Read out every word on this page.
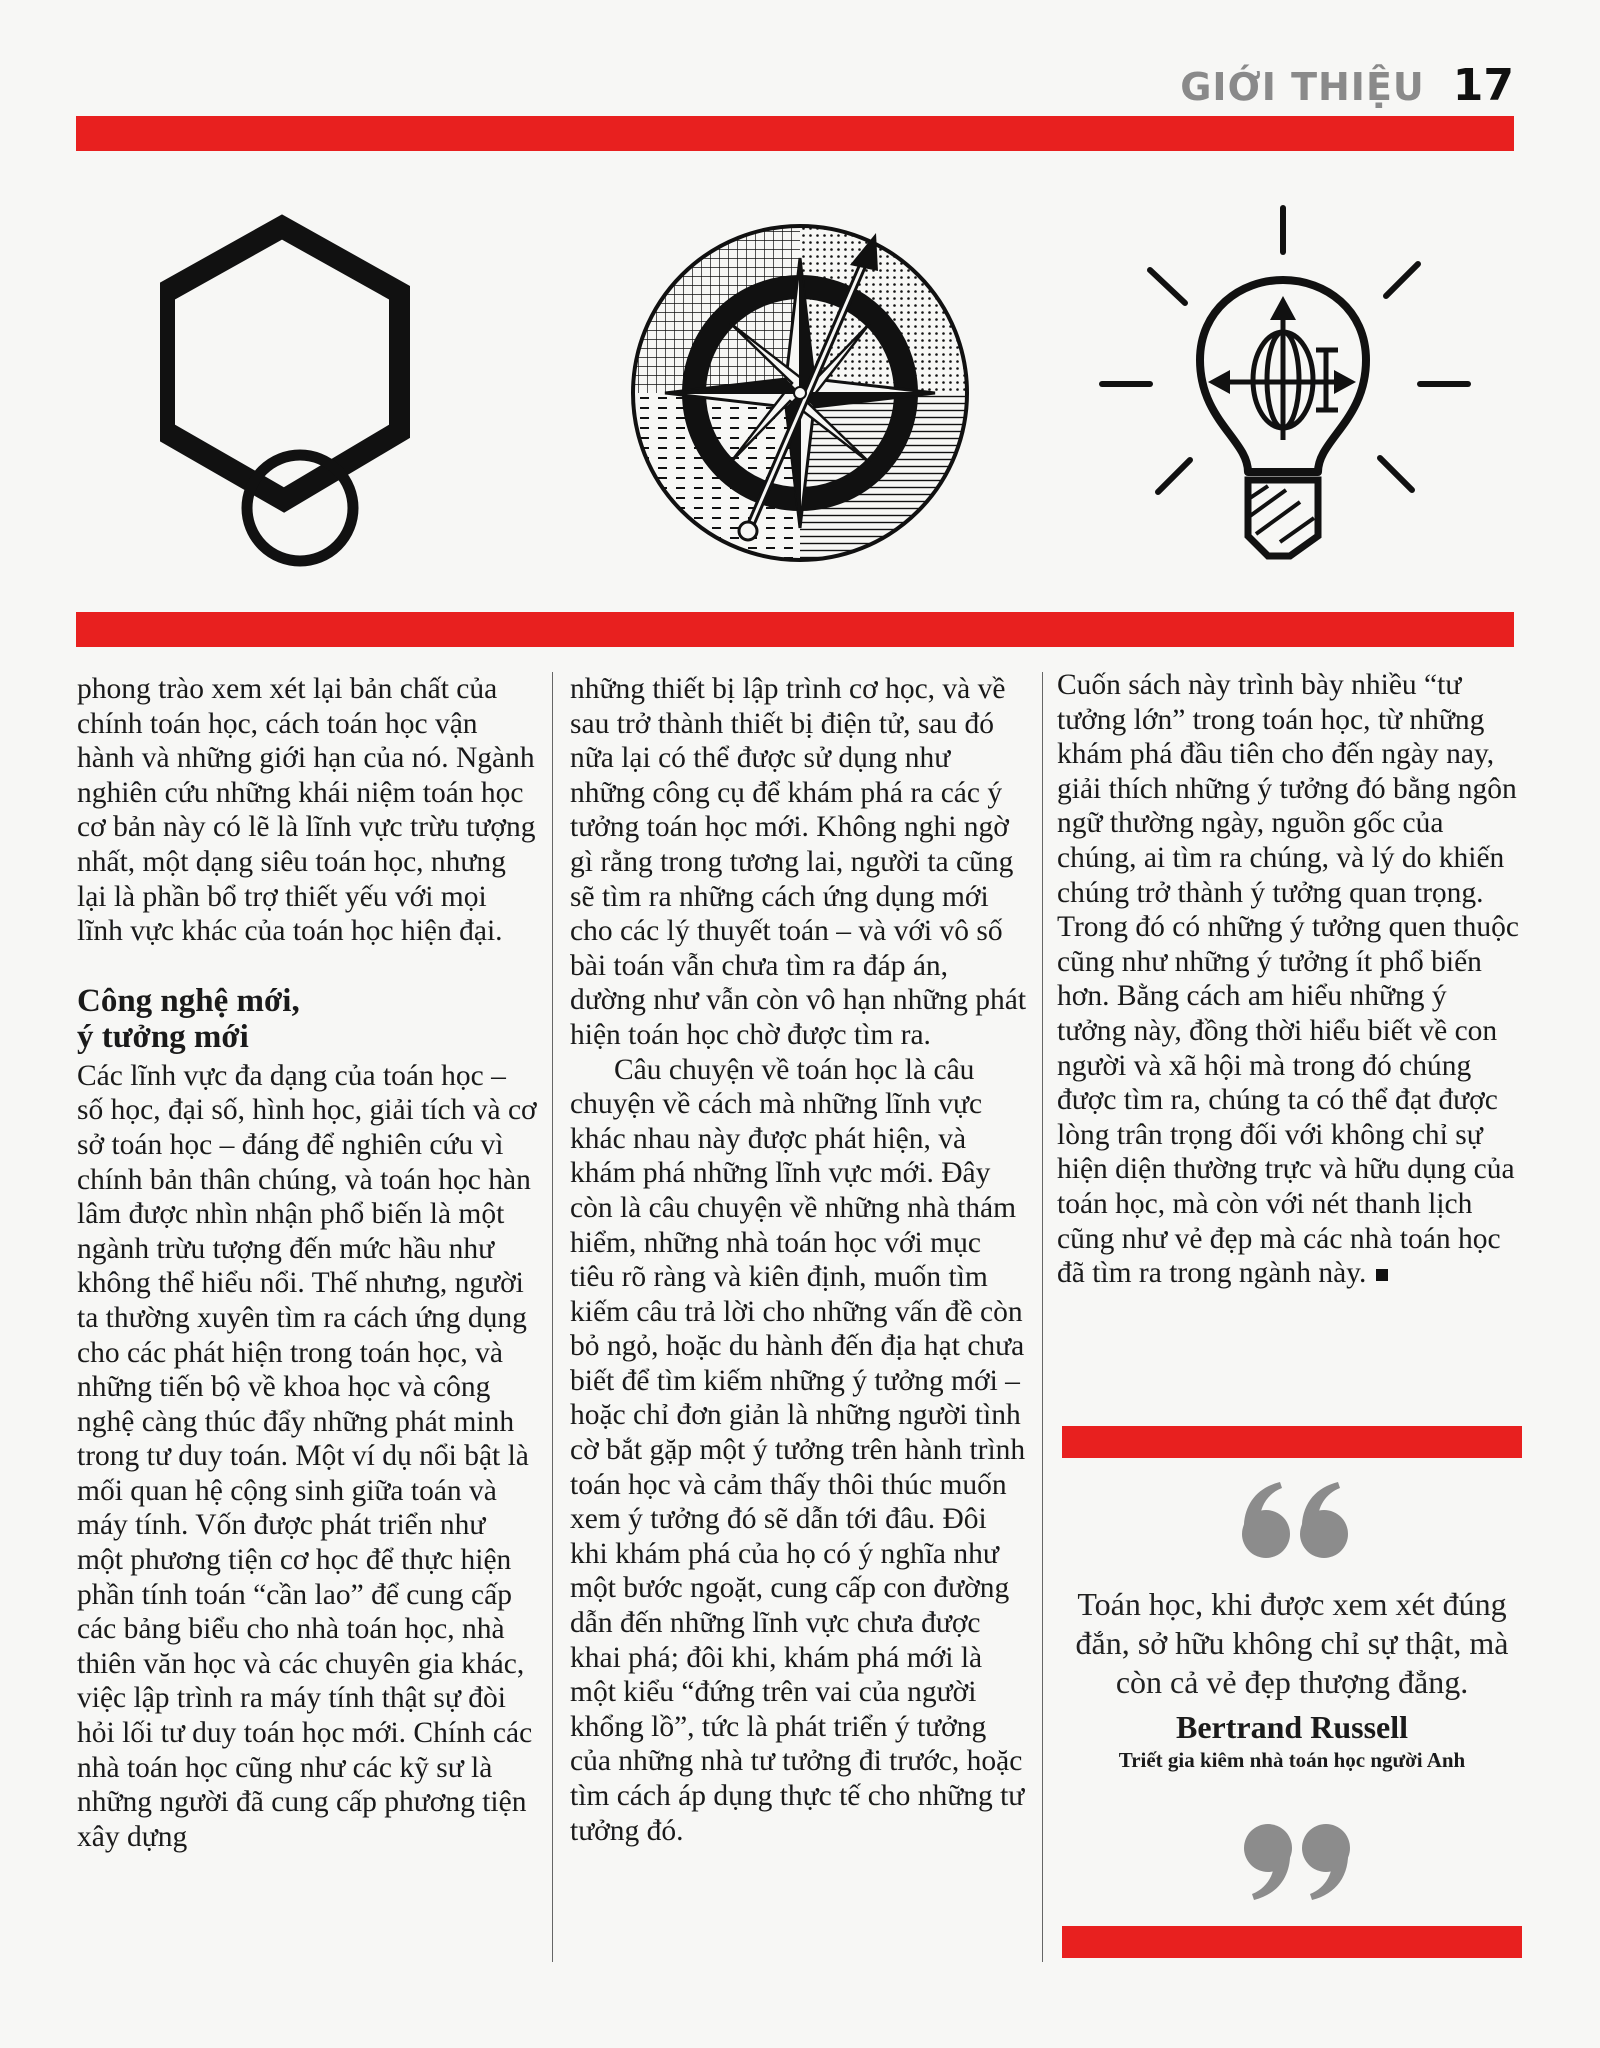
GIỚI THIỆU 17

phong trào xem xét lại bản chất của chính toán học, cách toán học vận hành và những giới hạn của nó. Ngành nghiên cứu những khái niệm toán học cơ bản này có lẽ là lĩnh vực trừu tượng nhất, một dạng siêu toán học, nhưng lại là phần bổ trợ thiết yếu với mọi lĩnh vực khác của toán học hiện đại.

Công nghệ mới,
ý tưởng mới

Các lĩnh vực đa dạng của toán học – số học, đại số, hình học, giải tích và cơ sở toán học – đáng để nghiên cứu vì chính bản thân chúng, và toán học hàn lâm được nhìn nhận phổ biến là một ngành trừu tượng đến mức hầu như không thể hiểu nổi. Thế nhưng, người ta thường xuyên tìm ra cách ứng dụng cho các phát hiện trong toán học, và những tiến bộ về khoa học và công nghệ càng thúc đẩy những phát minh trong tư duy toán. Một ví dụ nổi bật là mối quan hệ cộng sinh giữa toán và máy tính. Vốn được phát triển như một phương tiện cơ học để thực hiện phần tính toán “cần lao” để cung cấp các bảng biểu cho nhà toán học, nhà thiên văn học và các chuyên gia khác, việc lập trình ra máy tính thật sự đòi hỏi lối tư duy toán học mới. Chính các nhà toán học cũng như các kỹ sư là những người đã cung cấp phương tiện xây dựng

những thiết bị lập trình cơ học, và về sau trở thành thiết bị điện tử, sau đó nữa lại có thể được sử dụng như những công cụ để khám phá ra các ý tưởng toán học mới. Không nghi ngờ gì rằng trong tương lai, người ta cũng sẽ tìm ra những cách ứng dụng mới cho các lý thuyết toán – và với vô số bài toán vẫn chưa tìm ra đáp án, dường như vẫn còn vô hạn những phát hiện toán học chờ được tìm ra.

Câu chuyện về toán học là câu chuyện về cách mà những lĩnh vực khác nhau này được phát hiện, và khám phá những lĩnh vực mới. Đây còn là câu chuyện về những nhà thám hiểm, những nhà toán học với mục tiêu rõ ràng và kiên định, muốn tìm kiếm câu trả lời cho những vấn đề còn bỏ ngỏ, hoặc du hành đến địa hạt chưa biết để tìm kiếm những ý tưởng mới – hoặc chỉ đơn giản là những người tình cờ bắt gặp một ý tưởng trên hành trình toán học và cảm thấy thôi thúc muốn xem ý tưởng đó sẽ dẫn tới đâu. Đôi khi khám phá của họ có ý nghĩa như một bước ngoặt, cung cấp con đường dẫn đến những lĩnh vực chưa được khai phá; đôi khi, khám phá mới là một kiểu “đứng trên vai của người khổng lồ”, tức là phát triển ý tưởng của những nhà tư tưởng đi trước, hoặc tìm cách áp dụng thực tế cho những tư tưởng đó.

Cuốn sách này trình bày nhiều “tư tưởng lớn” trong toán học, từ những khám phá đầu tiên cho đến ngày nay, giải thích những ý tưởng đó bằng ngôn ngữ thường ngày, nguồn gốc của chúng, ai tìm ra chúng, và lý do khiến chúng trở thành ý tưởng quan trọng. Trong đó có những ý tưởng quen thuộc cũng như những ý tưởng ít phổ biến hơn. Bằng cách am hiểu những ý tưởng này, đồng thời hiểu biết về con người và xã hội mà trong đó chúng được tìm ra, chúng ta có thể đạt được lòng trân trọng đối với không chỉ sự hiện diện thường trực và hữu dụng của toán học, mà còn với nét thanh lịch cũng như vẻ đẹp mà các nhà toán học đã tìm ra trong ngành này.

Toán học, khi được xem xét đúng đắn, sở hữu không chỉ sự thật, mà còn cả vẻ đẹp thượng đẳng.
Bertrand Russell
Triết gia kiêm nhà toán học người Anh
